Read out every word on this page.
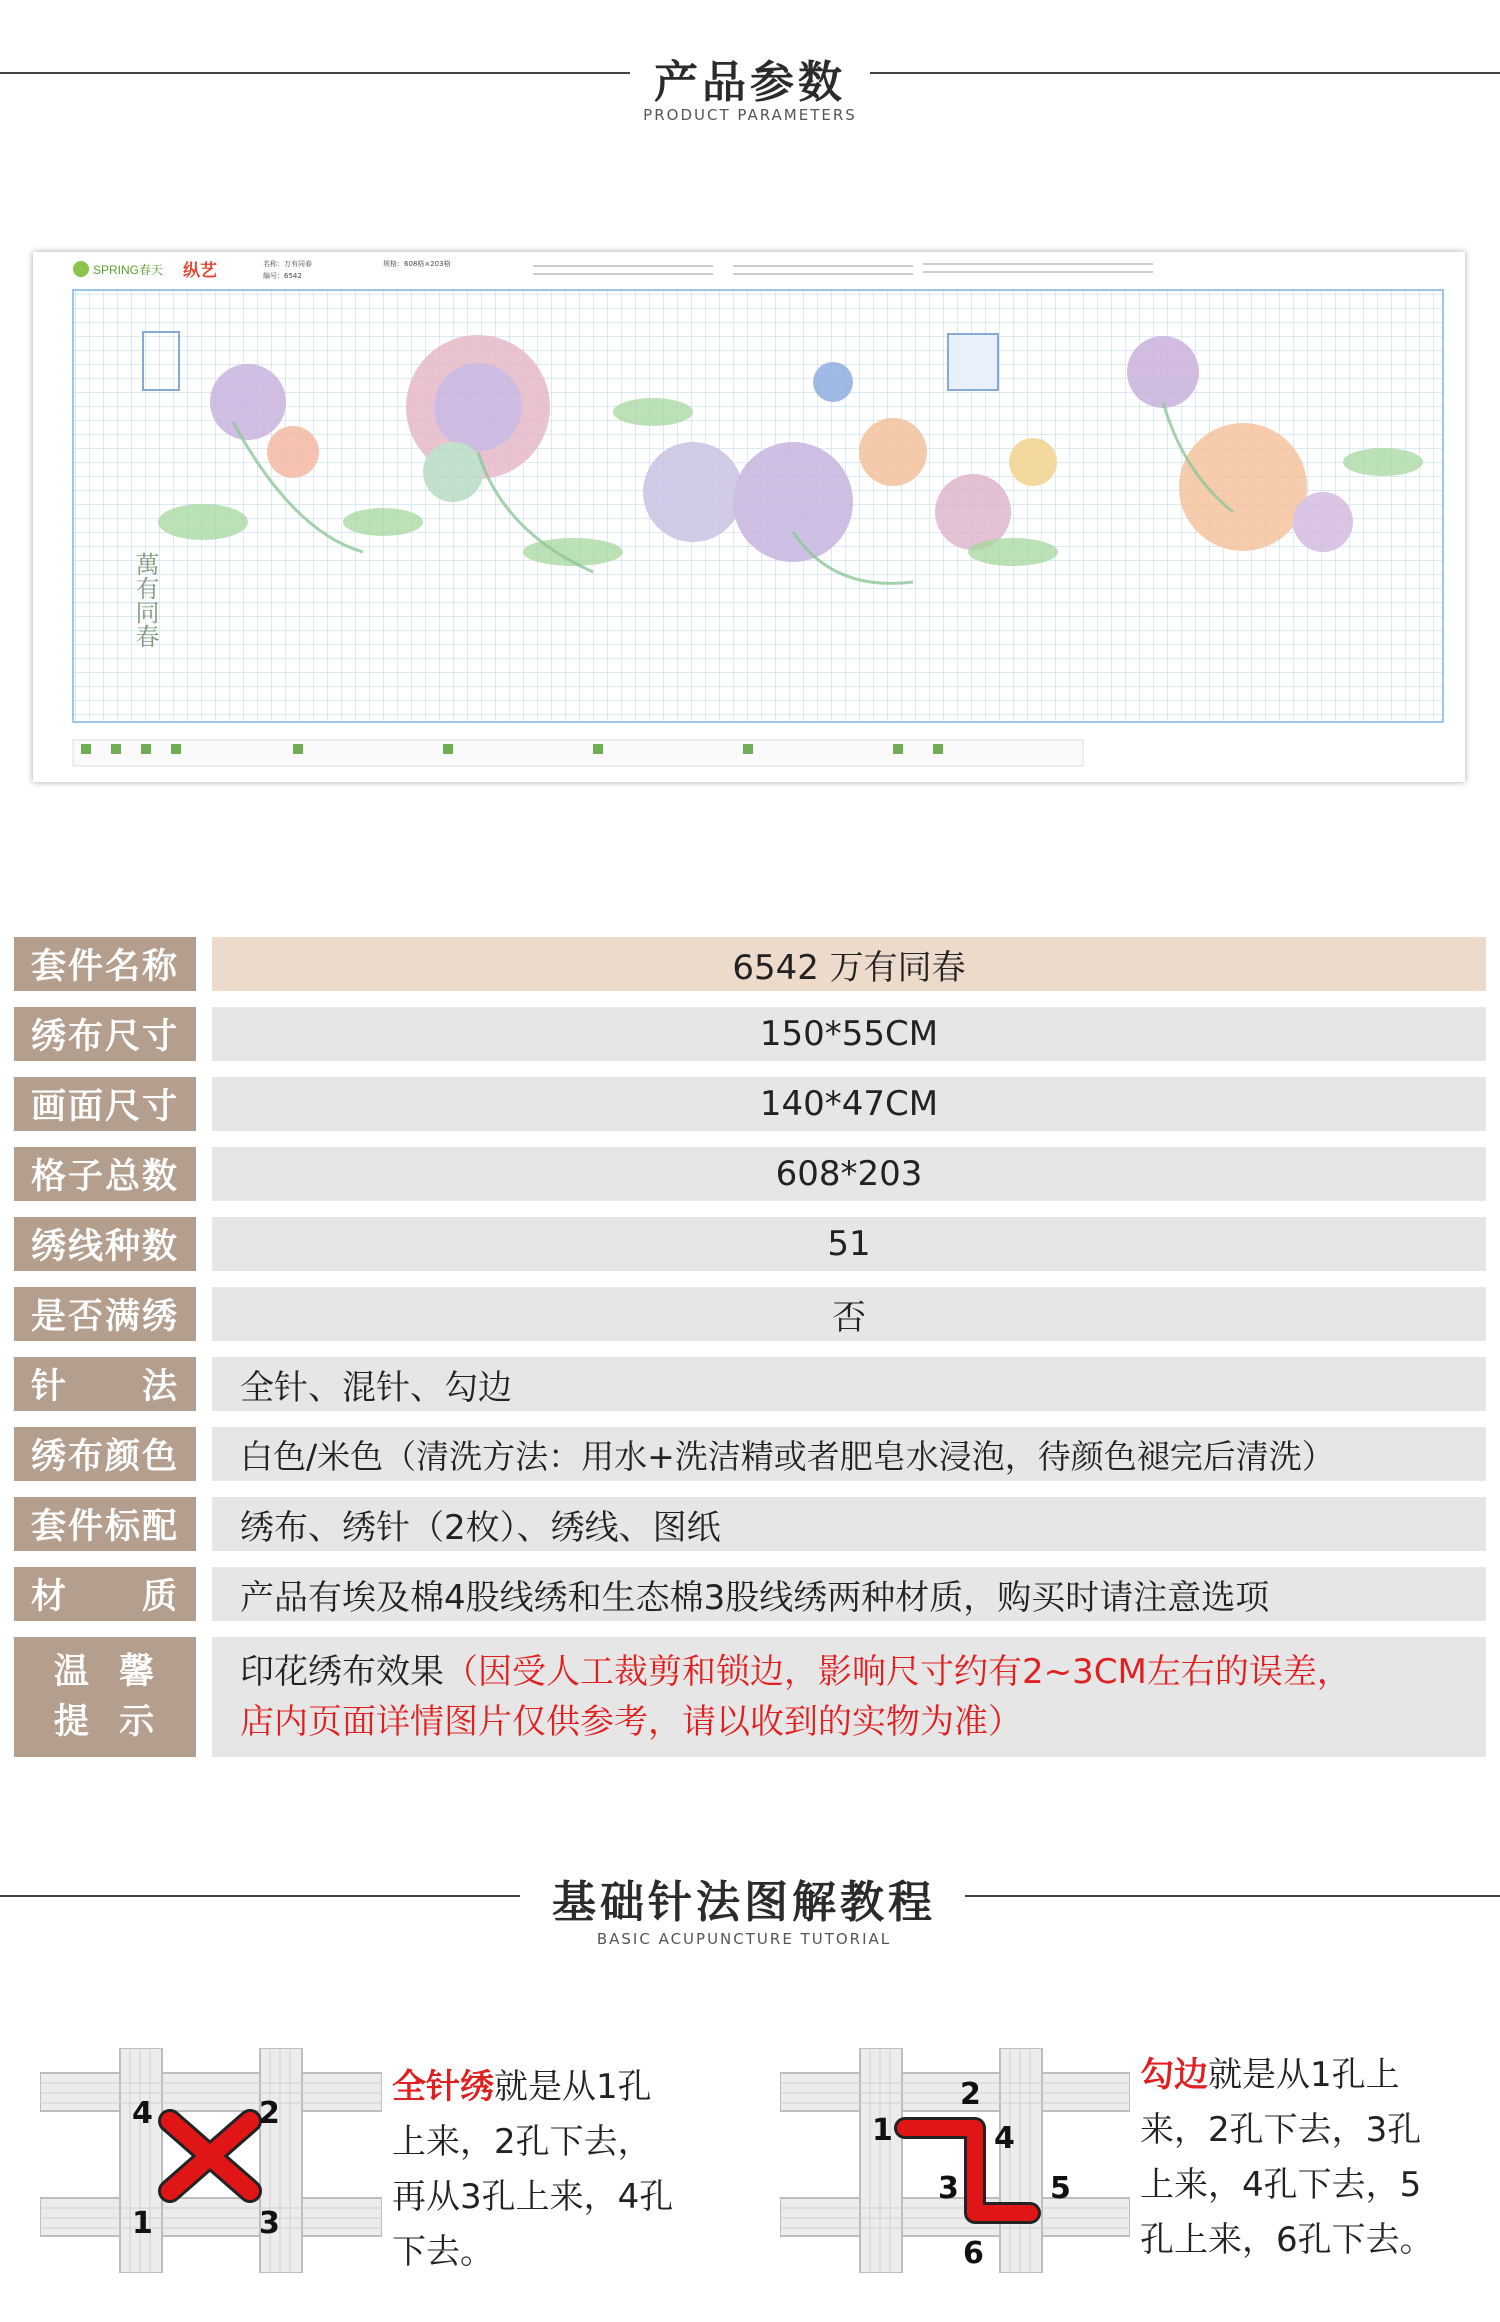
产品参数
PRODUCT PARAMETERS
SPRING春天 纵艺	名称：万有同春
编号：6542
规格：608格×203格
萬有同春
套件名称	6542 万有同春
绣布尺寸	150*55CM
画面尺寸	140*47CM
格子总数	608*203
绣线种数	51
是否满绣	否
针　　法	全针、混针、勾边
绣布颜色	白色/米色（清洗方法：用水+洗洁精或者肥皂水浸泡，待颜色褪完后清洗）
套件标配	绣布、绣针（2枚）、绣线、图纸
材　　质	产品有埃及棉4股线绣和生态棉3股线绣两种材质，购买时请注意选项
温  馨
提  示
印花绣布效果（因受人工裁剪和锁边，影响尺寸约有2~3CM左右的误差，
店内页面详情图片仅供参考，请以收到的实物为准）
基础针法图解教程
BASIC ACUPUNCTURE TUTORIAL
4	2
1	3
全针绣就是从1孔
上来，2孔下去，
再从3孔上来，4孔
下去。
1
2
4
3	5
6
勾边就是从1孔上
来，2孔下去，3孔
上来，4孔下去，5
孔上来，6孔下去。
